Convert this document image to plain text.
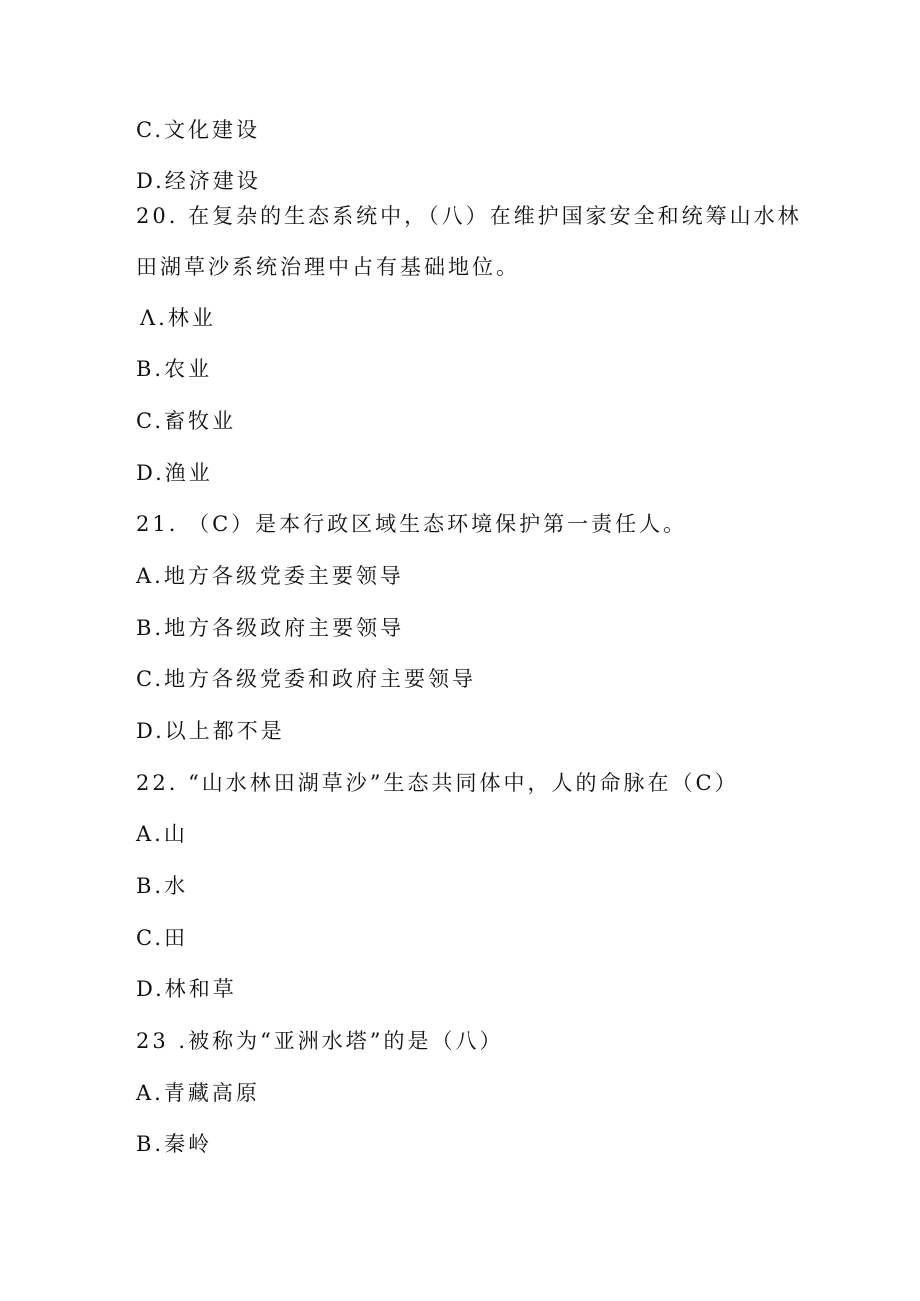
C.文化建设
D.经济建设
20. 在复杂的生态系统中，（八）在维护国家安全和统筹山水林
田湖草沙系统治理中占有基础地位。
Λ.林业
B.农业
C.畜牧业
D.渔业
21. （C）是本行政区域生态环境保护第一责任人。
A.地方各级党委主要领导
B.地方各级政府主要领导
C.地方各级党委和政府主要领导
D.以上都不是
22. “山水林田湖草沙”生态共同体中，人的命脉在（C）
A.山
B.水
C.田
D.林和草
23 .被称为“亚洲水塔”的是（八）
A.青藏高原
B.秦岭
